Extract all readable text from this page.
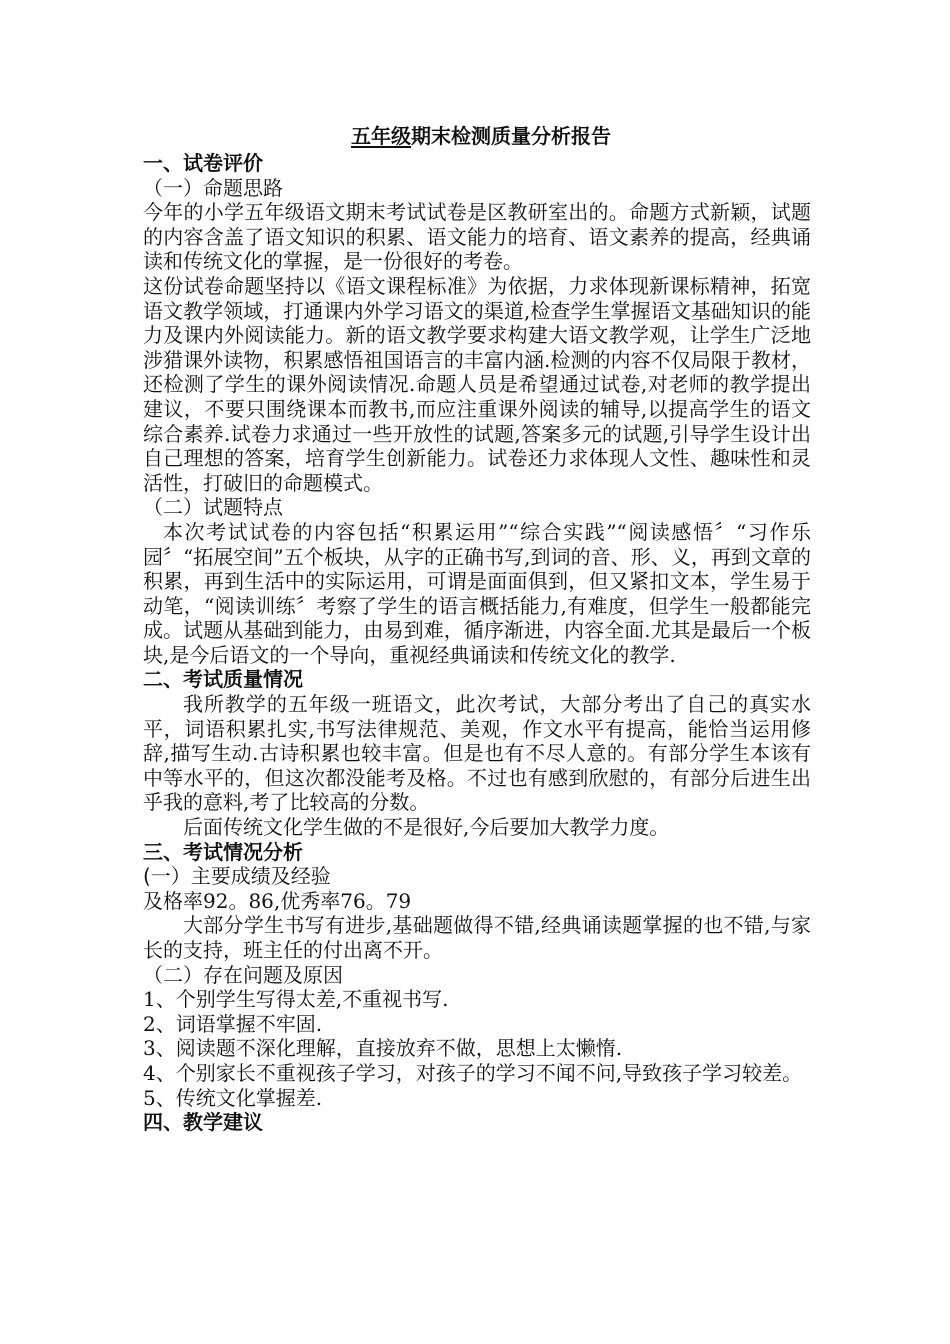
五年级期末检测质量分析报告
一、试卷评价
（一）命题思路

今年的小学五年级语文期末考试试卷是区教研室出的。命题方式新颖，试题的内容含盖了语文知识的积累、语文能力的培育、语文素养的提高，经典诵读和传统文化的掌握，是一份很好的考卷。

这份试卷命题坚持以《语文课程标准》为依据，力求体现新课标精神，拓宽语文教学领域，打通课内外学习语文的渠道,检查学生掌握语文基础知识的能力及课内外阅读能力。新的语文教学要求构建大语文教学观，让学生广泛地涉猎课外读物，积累感悟祖国语言的丰富内涵.检测的内容不仅局限于教材，还检测了学生的课外阅读情况.命题人员是希望通过试卷,对老师的教学提出建议，不要只围绕课本而教书,而应注重课外阅读的辅导,以提高学生的语文综合素养.试卷力求通过一些开放性的试题,答案多元的试题,引导学生设计出自己理想的答案，培育学生创新能力。试卷还力求体现人文性、趣味性和灵活性，打破旧的命题模式。

（二）试题特点

本次考试试卷的内容包括“积累运用”“综合实践”“阅读感悟〞“习作乐园〞“拓展空间”五个板块，从字的正确书写,到词的音、形、义，再到文章的积累，再到生活中的实际运用，可谓是面面俱到，但又紧扣文本，学生易于动笔，“阅读训练〞考察了学生的语言概括能力,有难度，但学生一般都能完成。试题从基础到能力，由易到难，循序渐进，内容全面.尤其是最后一个板块,是今后语文的一个导向，重视经典诵读和传统文化的教学.

二、考试质量情况

我所教学的五年级一班语文，此次考试，大部分考出了自己的真实水平，词语积累扎实,书写法律规范、美观，作文水平有提高，能恰当运用修辞,描写生动.古诗积累也较丰富。但是也有不尽人意的。有部分学生本该有中等水平的，但这次都没能考及格。不过也有感到欣慰的，有部分后进生出乎我的意料,考了比较高的分数。

后面传统文化学生做的不是很好,今后要加大教学力度。

三、考试情况分析
(一）主要成绩及经验

及格率92。86,优秀率76。79

大部分学生书写有进步,基础题做得不错,经典诵读题掌握的也不错,与家长的支持，班主任的付出离不开。

（二）存在问题及原因

1、个别学生写得太差,不重视书写.

2、词语掌握不牢固.

3、阅读题不深化理解，直接放弃不做，思想上太懒惰.

4、个别家长不重视孩子学习，对孩子的学习不闻不问,导致孩子学习较差。

5、传统文化掌握差.

四、教学建议
